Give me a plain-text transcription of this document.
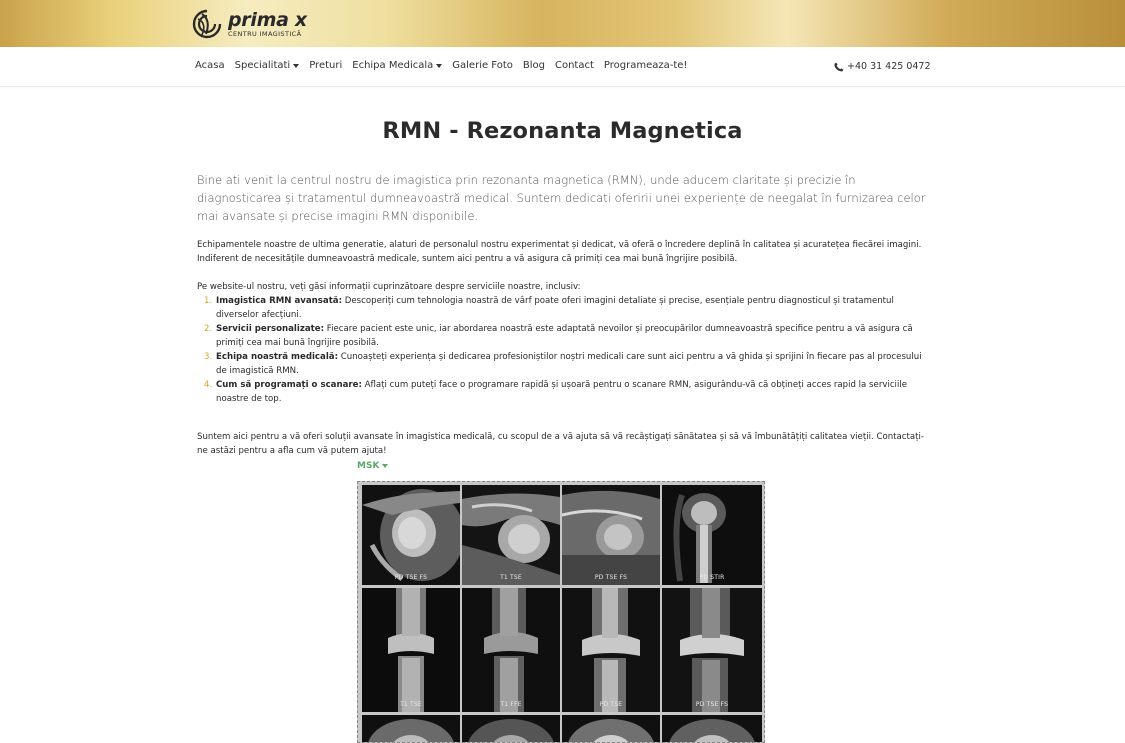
prima x
CENTRU IMAGISTICĂ
Acasa Specialitati Preturi Echipa Medicala Galerie Foto Blog Contact Programeaza-te!	+40 31 425 0472
RMN - Rezonanta Magnetica

Bine ati venit la centrul nostru de imagistica prin rezonanta magnetica (RMN), unde aducem claritate și precizie în diagnosticarea și tratamentul dumneavoastră medical. Suntem dedicati oferirii unei experiențe de neegalat în furnizarea celor mai avansate și precise imagini RMN disponibile.

Echipamentele noastre de ultima generatie, alaturi de personalul nostru experimentat și dedicat, vă oferă o încredere deplină în calitatea și acuratețea fiecărei imagini. Indiferent de necesitățile dumneavoastră medicale, suntem aici pentru a vă asigura că primiți cea mai bună îngrijire posibilă.

Pe website-ul nostru, veți găsi informații cuprinzătoare despre serviciile noastre, inclusiv:

1. Imagistica RMN avansată: Descoperiți cum tehnologia noastră de vârf poate oferi imagini detaliate și precise, esențiale pentru diagnosticul și tratamentul diverselor afecțiuni.
2. Servicii personalizate: Fiecare pacient este unic, iar abordarea noastră este adaptată nevoilor și preocupărilor dumneavoastră specifice pentru a vă asigura că primiți cea mai bună îngrijire posibilă.
3. Echipa noastră medicală: Cunoașteți experiența și dedicarea profesioniștilor noștri medicali care sunt aici pentru a vă ghida și sprijini în fiecare pas al procesului de imagistică RMN.
4. Cum să programați o scanare: Aflați cum puteți face o programare rapidă și ușoară pentru o scanare RMN, asigurându-vă că obțineți acces rapid la serviciile noastre de top.

Suntem aici pentru a vă oferi soluții avansate în imagistica medicală, cu scopul de a vă ajuta să vă recâștigați sănătatea și să vă îmbunătățiți calitatea vieții. Contactați-ne astăzi pentru a afla cum vă putem ajuta!

MSK
PD TSE FS	T1 TSE	PD TSE FS	PD STIR
T1 TSE	T1 FFE	PD TSE	PD TSE FS
